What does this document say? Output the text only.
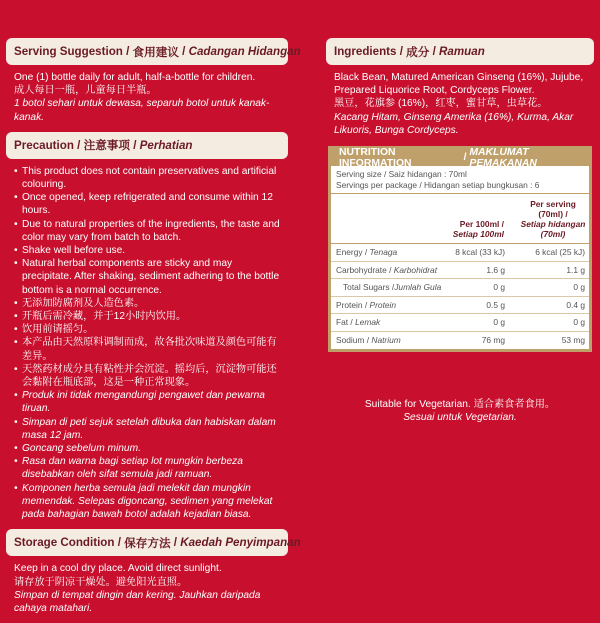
Serving Suggestion / 食用建议 / Cadangan Hidangan

One (1) bottle daily for adult, half-a-bottle for children.

成人每日一瓶，儿童每日半瓶。

1 botol sehari untuk dewasa, separuh botol untuk kanak-kanak.

Precaution / 注意事项 / Perhatian
• This product does not contain preservatives and artificial colouring.
• Once opened, keep refrigerated and consume within 12 hours.
• Due to natural properties of the ingredients, the taste and color may vary from batch to batch.
• Shake well before use.
• Natural herbal components are sticky and may precipitate. After shaking, sediment adhering to the bottle bottom is a normal occurrence.
• 无添加防腐剂及人造色素。
• 开瓶后需冷藏，并于12小时内饮用。
• 饮用前请摇匀。
• 本产品由天然原料调制而成，故各批次味道及颜色可能有差异。
• 天然药材成分具有粘性并会沉淀。摇均后，沉淀物可能还会黏附在瓶底部，这是一种正常现象。
• Produk ini tidak mengandungi pengawet dan pewarna tiruan.
• Simpan di peti sejuk setelah dibuka dan habiskan dalam masa 12 jam.
• Goncang sebelum minum.
• Rasa dan warna bagi setiap lot mungkin berbeza disebabkan oleh sifat semula jadi ramuan.
• Komponen herba semula jadi melekit dan mungkin memendak. Selepas digoncang, sedimen yang melekat pada bahagian bawah botol adalah kejadian biasa.
Storage Condition / 保存方法 / Kaedah Penyimpanan

Keep in a cool dry place. Avoid direct sunlight.

请存放于阴凉干燥处。避免阳光直照。

Simpan di tempat dingin dan kering. Jauhkan daripada cahaya matahari.

Ingredients / 成分 / Ramuan

Black Bean, Matured American Ginseng (16%), Jujube, Prepared Liquorice Root, Cordyceps Flower.

黑豆，花旗参 (16%)，红枣，蜜甘草，虫草花。

Kacang Hitam, Ginseng Amerika (16%), Kurma, Akar Likuoris, Bunga Cordyceps.

NUTRITION INFORMATION	/ MAKLUMAT PEMAKANAN
Serving size / Saiz hidangan : 70ml
Servings per package / Hidangan setiap bungkusan : 6
Per 100ml /
Setiap 100ml
Per serving
(70ml) /
Setiap hidangan
(70ml)
Energy / Tenaga	8 kcal (33 kJ)	6 kcal (25 kJ)
Carbohydrate / Karbohidrat	1.6 g	1.1 g
Total Sugars /Jumlah Gula	0 g	0 g
Protein / Protein	0.5 g	0.4 g
Fat / Lemak	0 g	0 g
Sodium / Natrium	76 mg	53 mg

Suitable for Vegetarian. 适合素食者食用。

Sesuai untuk Vegetarian.
